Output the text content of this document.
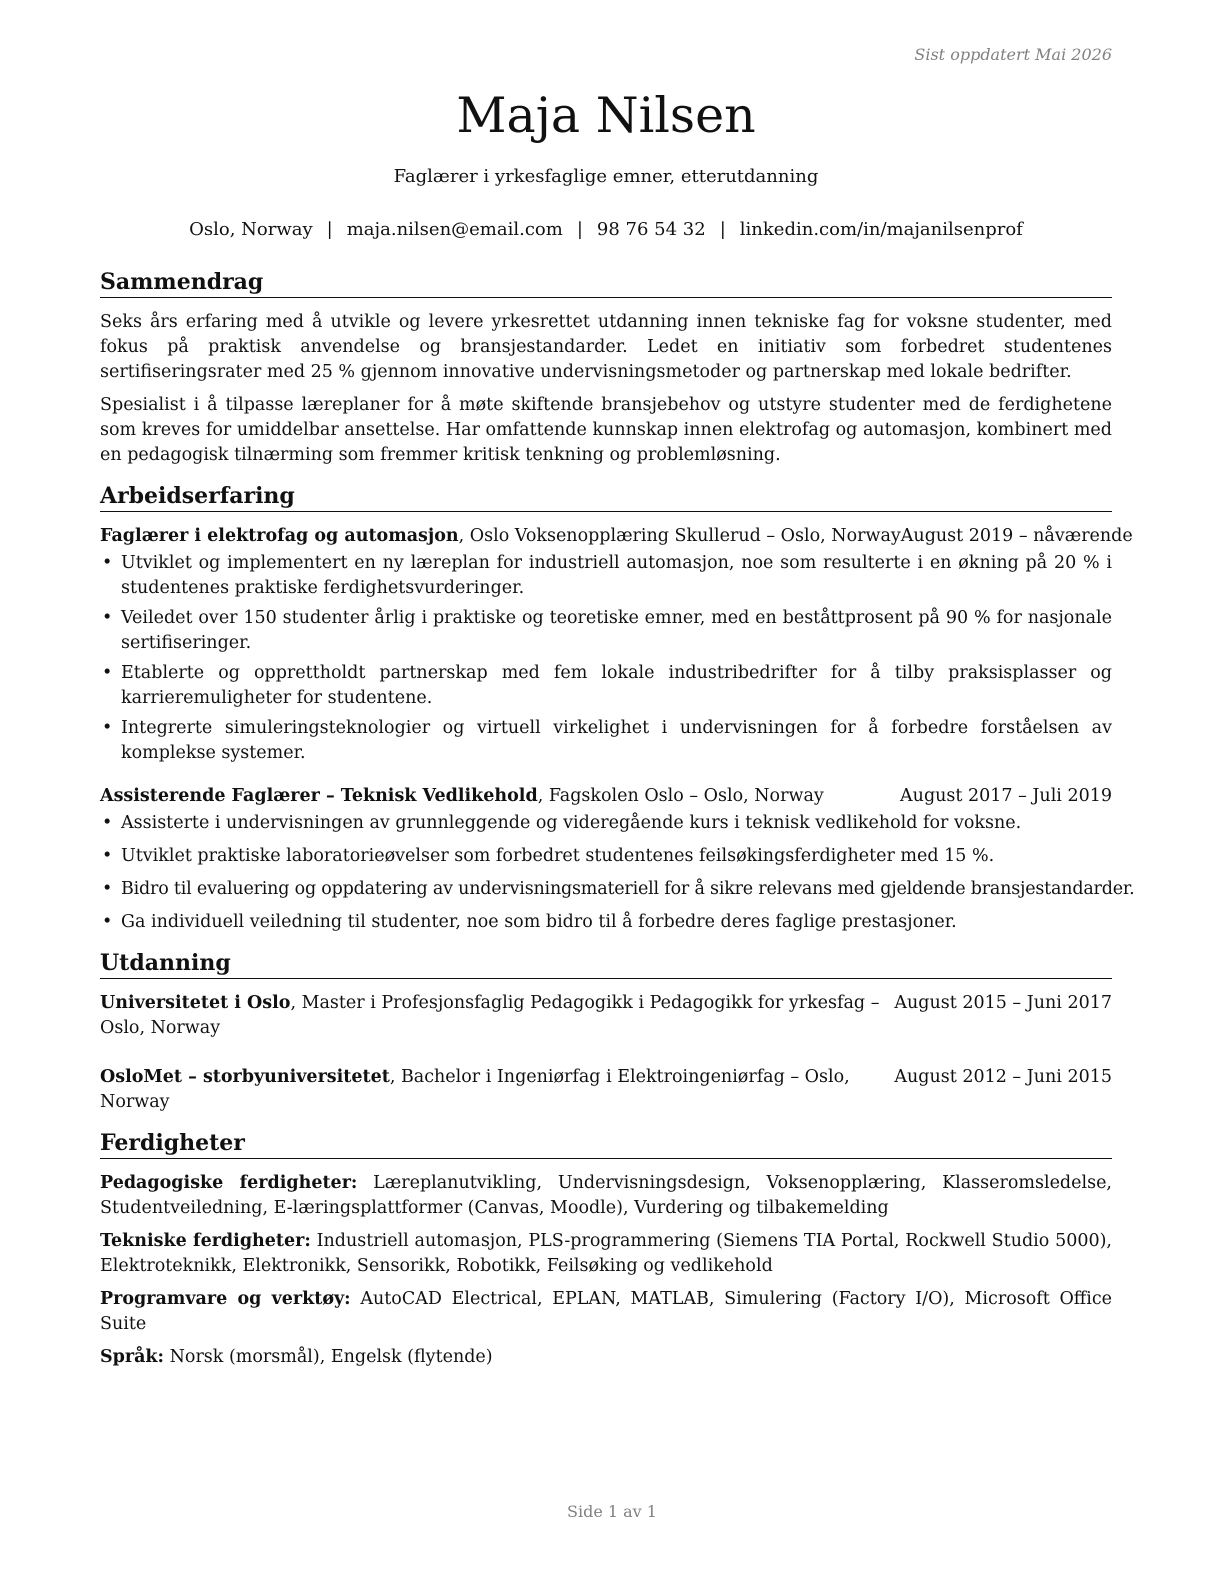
Sist oppdatert Mai 2026
Maja Nilsen
Faglærer i yrkesfaglige emner, etterutdanning
Oslo, Norway | maja.nilsen@email.com | 98 76 54 32 | linkedin.com/in/majanilsenprof
Sammendrag

Seks års erfaring med å utvikle og levere yrkesrettet utdanning innen tekniske fag for voksne studenter, med fokus på praktisk anvendelse og bransjestandarder. Ledet en initiativ som forbedret studentenes sertifiseringsrater med 25 % gjennom innovative undervisningsmetoder og partnerskap med lokale bedrifter.

Spesialist i å tilpasse læreplaner for å møte skiftende bransjebehov og utstyre studenter med de ferdighetene som kreves for umiddelbar ansettelse. Har omfattende kunnskap innen elektrofag og automasjon, kombinert med en pedagogisk tilnærming som fremmer kritisk tenkning og problemløsning.

Arbeidserfaring
Faglærer i elektrofag og automasjon, Oslo Voksenopplæring Skullerud – Oslo, Norway August 2019 – nåværende
• Utviklet og implementert en ny læreplan for industriell automasjon, noe som resulterte i en økning på 20 % i studentenes praktiske ferdighetsvurderinger.
• Veiledet over 150 studenter årlig i praktiske og teoretiske emner, med en beståttprosent på 90 % for nasjonale sertifiseringer.
• Etablerte og opprettholdt partnerskap med fem lokale industribedrifter for å tilby praksisplasser og karrieremuligheter for studentene.
• Integrerte simuleringsteknologier og virtuell virkelighet i undervisningen for å forbedre forståelsen av komplekse systemer.
Assisterende Faglærer – Teknisk Vedlikehold, Fagskolen Oslo – Oslo, Norway	August 2017 – Juli 2019
• Assisterte i undervisningen av grunnleggende og videregående kurs i teknisk vedlikehold for voksne.
• Utviklet praktiske laboratorieøvelser som forbedret studentenes feilsøkingsferdigheter med 15 %.
• Bidro til evaluering og oppdatering av undervisningsmateriell for å sikre relevans med gjeldende bransjestandarder.
• Ga individuell veiledning til studenter, noe som bidro til å forbedre deres faglige prestasjoner.
Utdanning
Universitetet i Oslo, Master i Profesjonsfaglig Pedagogikk i Pedagogikk for yrkesfag – Oslo, Norway
August 2015 – Juni 2017
OsloMet – storbyuniversitetet, Bachelor i Ingeniørfag i Elektroingeniørfag – Oslo, Norway
August 2012 – Juni 2015
Ferdigheter

Pedagogiske ferdigheter: Læreplanutvikling, Undervisningsdesign, Voksenopplæring, Klasseromsledelse, Studentveiledning, E-læringsplattformer (Canvas, Moodle), Vurdering og tilbakemelding

Tekniske ferdigheter: Industriell automasjon, PLS-programmering (Siemens TIA Portal, Rockwell Studio 5000), Elektroteknikk, Elektronikk, Sensorikk, Robotikk, Feilsøking og vedlikehold

Programvare og verktøy: AutoCAD Electrical, EPLAN, MATLAB, Simulering (Factory I/O), Microsoft Office Suite

Språk: Norsk (morsmål), Engelsk (flytende)

Side 1 av 1
